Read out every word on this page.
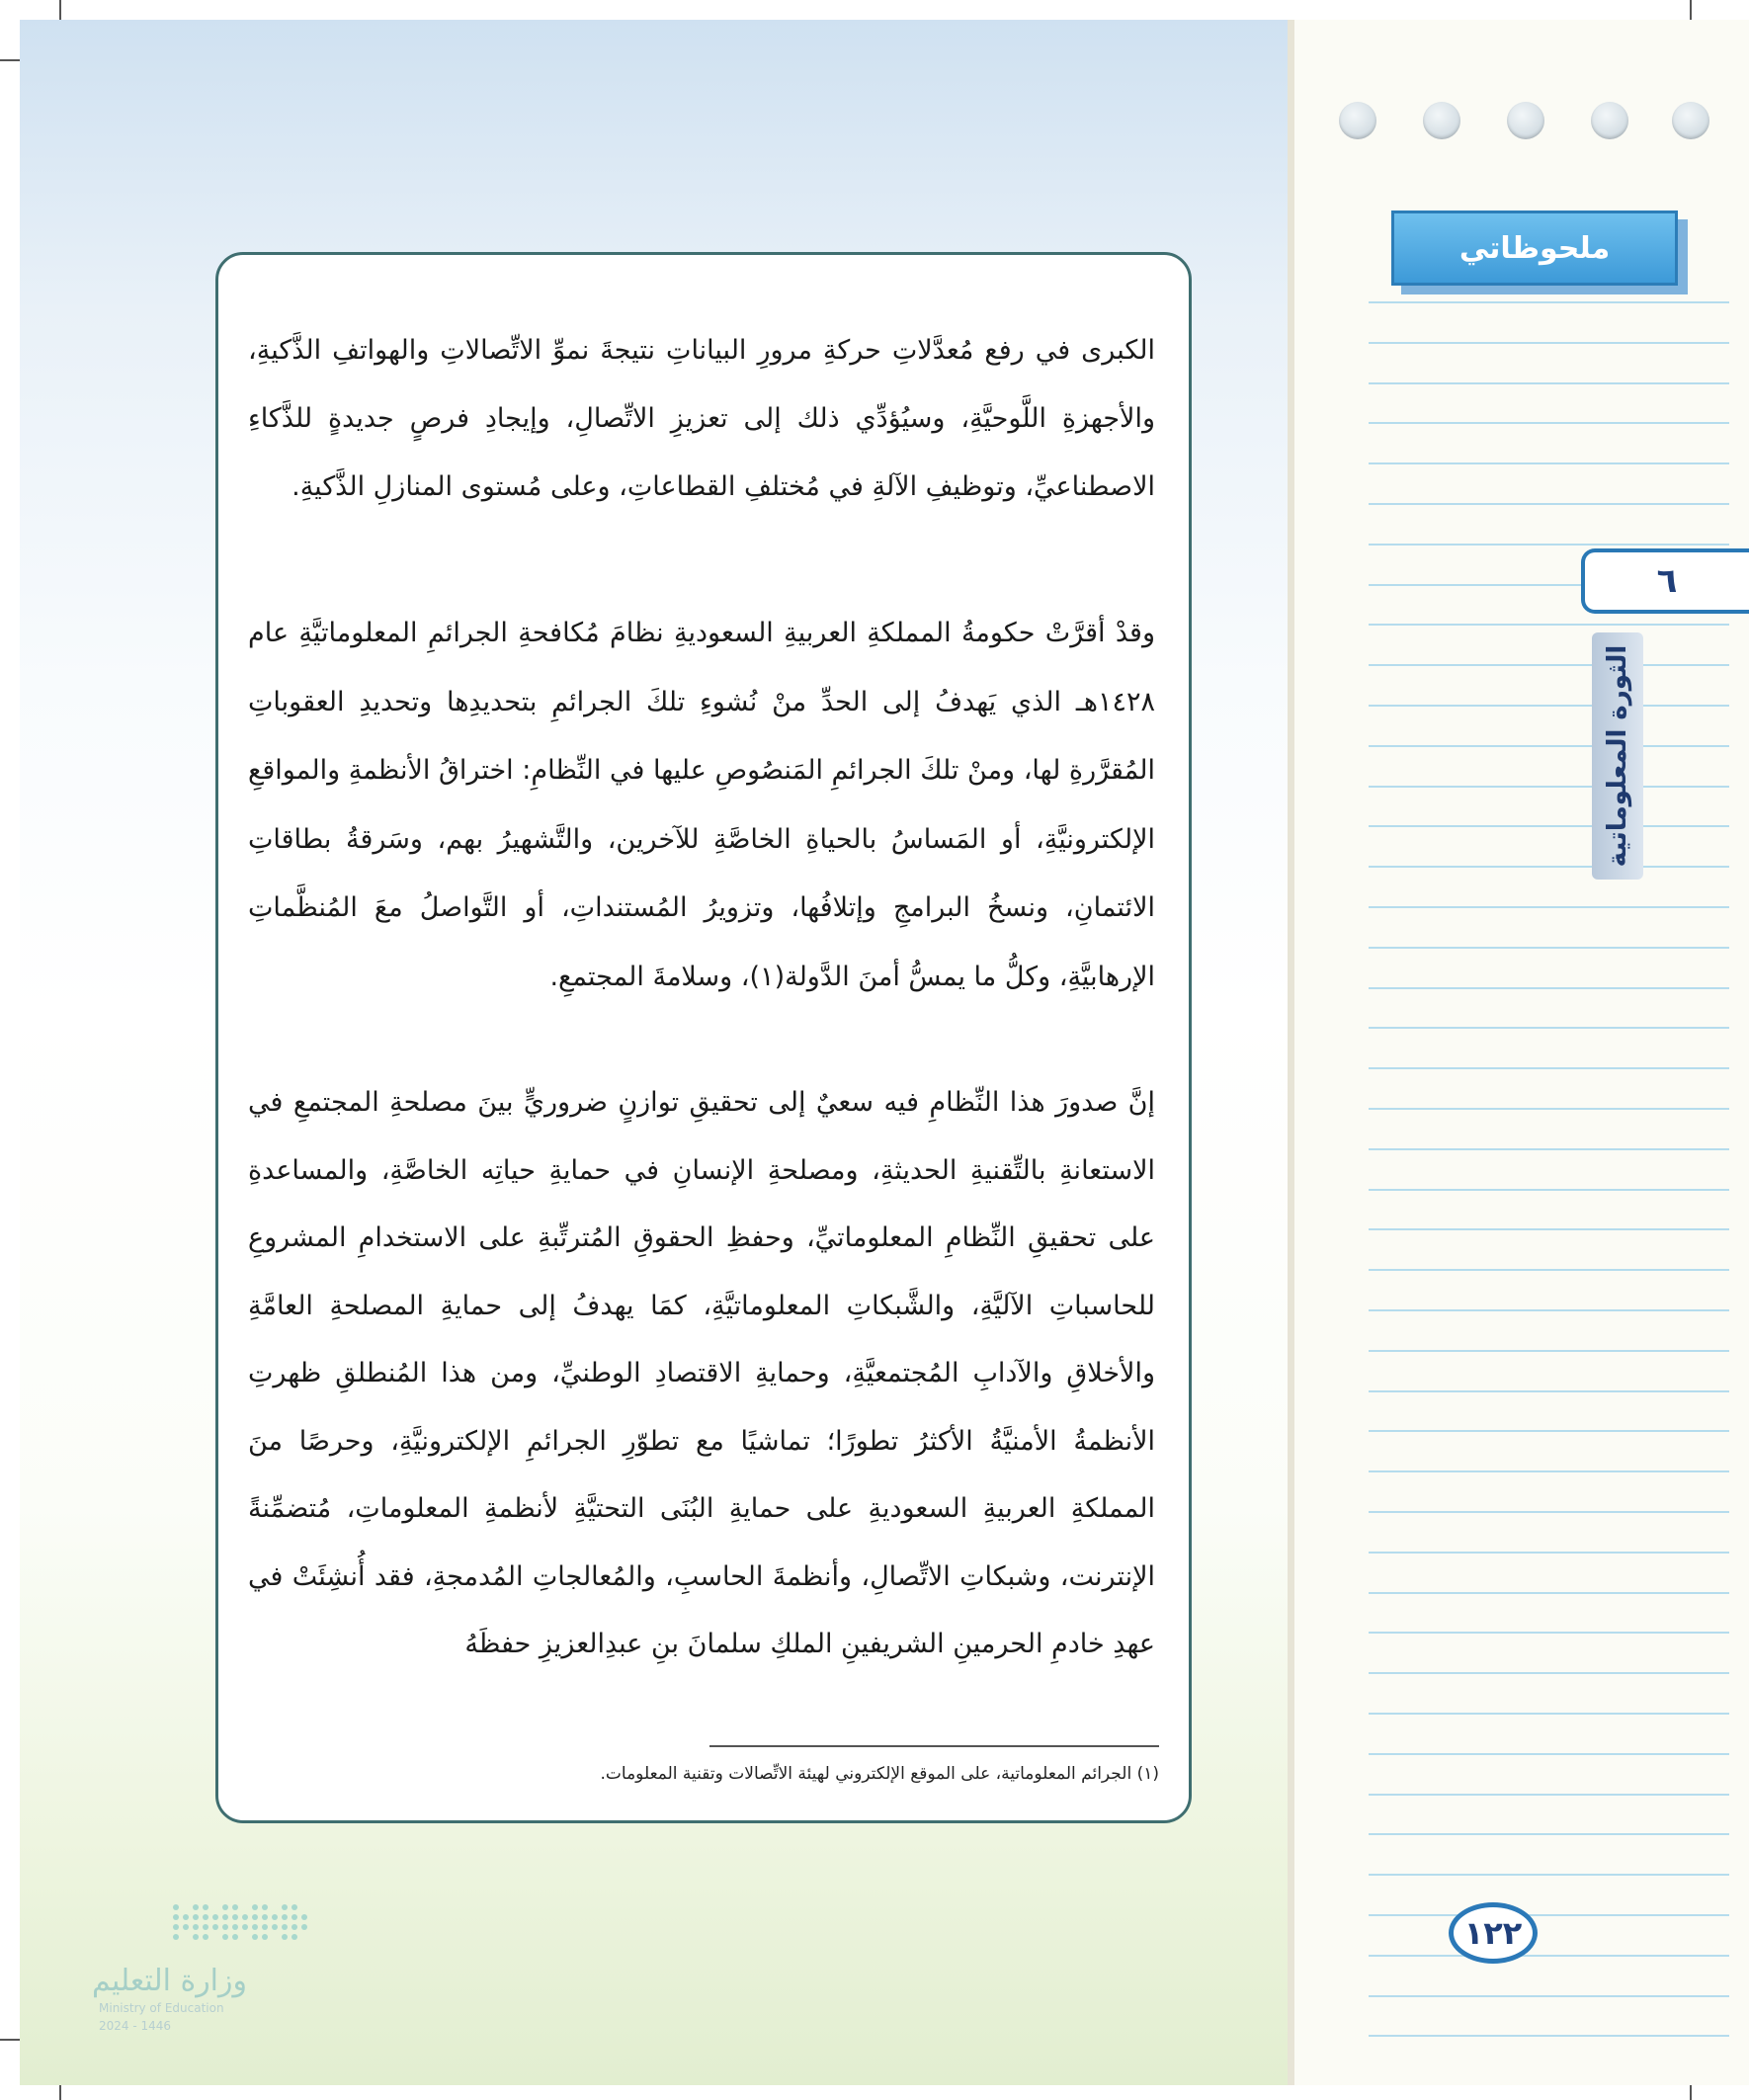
الكبرى في رفع مُعدَّلاتِ حركةِ مرورِ البياناتِ نتيجةَ نموِّ الاتِّصالاتِ والهواتفِ الذَّكيةِ، والأجهزةِ اللَّوحيَّةِ، وسيُؤدِّي ذلك إلى تعزيزِ الاتِّصالِ، وإيجادِ فرصٍ جديدةٍ للذَّكاءِ الاصطناعيِّ، وتوظيفِ الآلةِ في مُختلفِ القطاعاتِ، وعلى مُستوى المنازلِ الذَّكيةِ.

وقدْ أقرَّتْ حكومةُ المملكةِ العربيةِ السعوديةِ نظامَ مُكافحةِ الجرائمِ المعلوماتيَّةِ عام ١٤٢٨هـ الذي يَهدفُ إلى الحدِّ منْ نُشوءِ تلكَ الجرائمِ بتحديدِها وتحديدِ العقوباتِ المُقرَّرةِ لها، ومنْ تلكَ الجرائمِ المَنصُوصِ عليها في النِّظامِ: اختراقُ الأنظمةِ والمواقعِ الإلكترونيَّةِ، أو المَساسُ بالحياةِ الخاصَّةِ للآخرين، والتَّشهيرُ بهم، وسَرقةُ بطاقاتِ الائتمانِ، ونسخُ البرامجِ وإتلافُها، وتزويرُ المُستنداتِ، أو التَّواصلُ معَ المُنظَّماتِ الإرهابيَّةِ، وكلُّ ما يمسُّ أمنَ الدَّولة(١)، وسلامةَ المجتمعِ.

إنَّ صدورَ هذا النِّظامِ فيه سعيٌ إلى تحقيقِ توازنٍ ضروريٍّ بينَ مصلحةِ المجتمعِ في الاستعانةِ بالتِّقنيةِ الحديثةِ، ومصلحةِ الإنسانِ في حمايةِ حياتِه الخاصَّةِ، والمساعدةِ على تحقيقِ النِّظامِ المعلوماتيِّ، وحفظِ الحقوقِ المُترتِّبةِ على الاستخدامِ المشروعِ للحاسباتِ الآليَّةِ، والشَّبكاتِ المعلوماتيَّةِ، كمَا يهدفُ إلى حمايةِ المصلحةِ العامَّةِ والأخلاقِ والآدابِ المُجتمعيَّةِ، وحمايةِ الاقتصادِ الوطنيِّ، ومن هذا المُنطلقِ ظهرتِ الأنظمةُ الأمنيَّةُ الأكثرُ تطورًا؛ تماشيًا مع تطوّرِ الجرائمِ الإلكترونيَّةِ، وحرصًا منَ المملكةِ العربيةِ السعوديةِ على حمايةِ البُنَى التحتيَّةِ لأنظمةِ المعلوماتِ، مُتضمِّنةً الإنترنت، وشبكاتِ الاتِّصالِ، وأنظمةَ الحاسبِ، والمُعالجاتِ المُدمجةِ، فقد أُنشِئَتْ في عهدِ خادمِ الحرمينِ الشريفينِ الملكِ سلمانَ بنِ عبدِالعزيزِ حفظَهُ

(١) الجرائم المعلوماتية، على الموقع الإلكتروني لهيئة الاتِّصالات وتقنية المعلومات.

ملحوظاتي
٦
الثورة المعلوماتية
١٢٢
وزارة التعليم
Ministry of Education
2024 - 1446
